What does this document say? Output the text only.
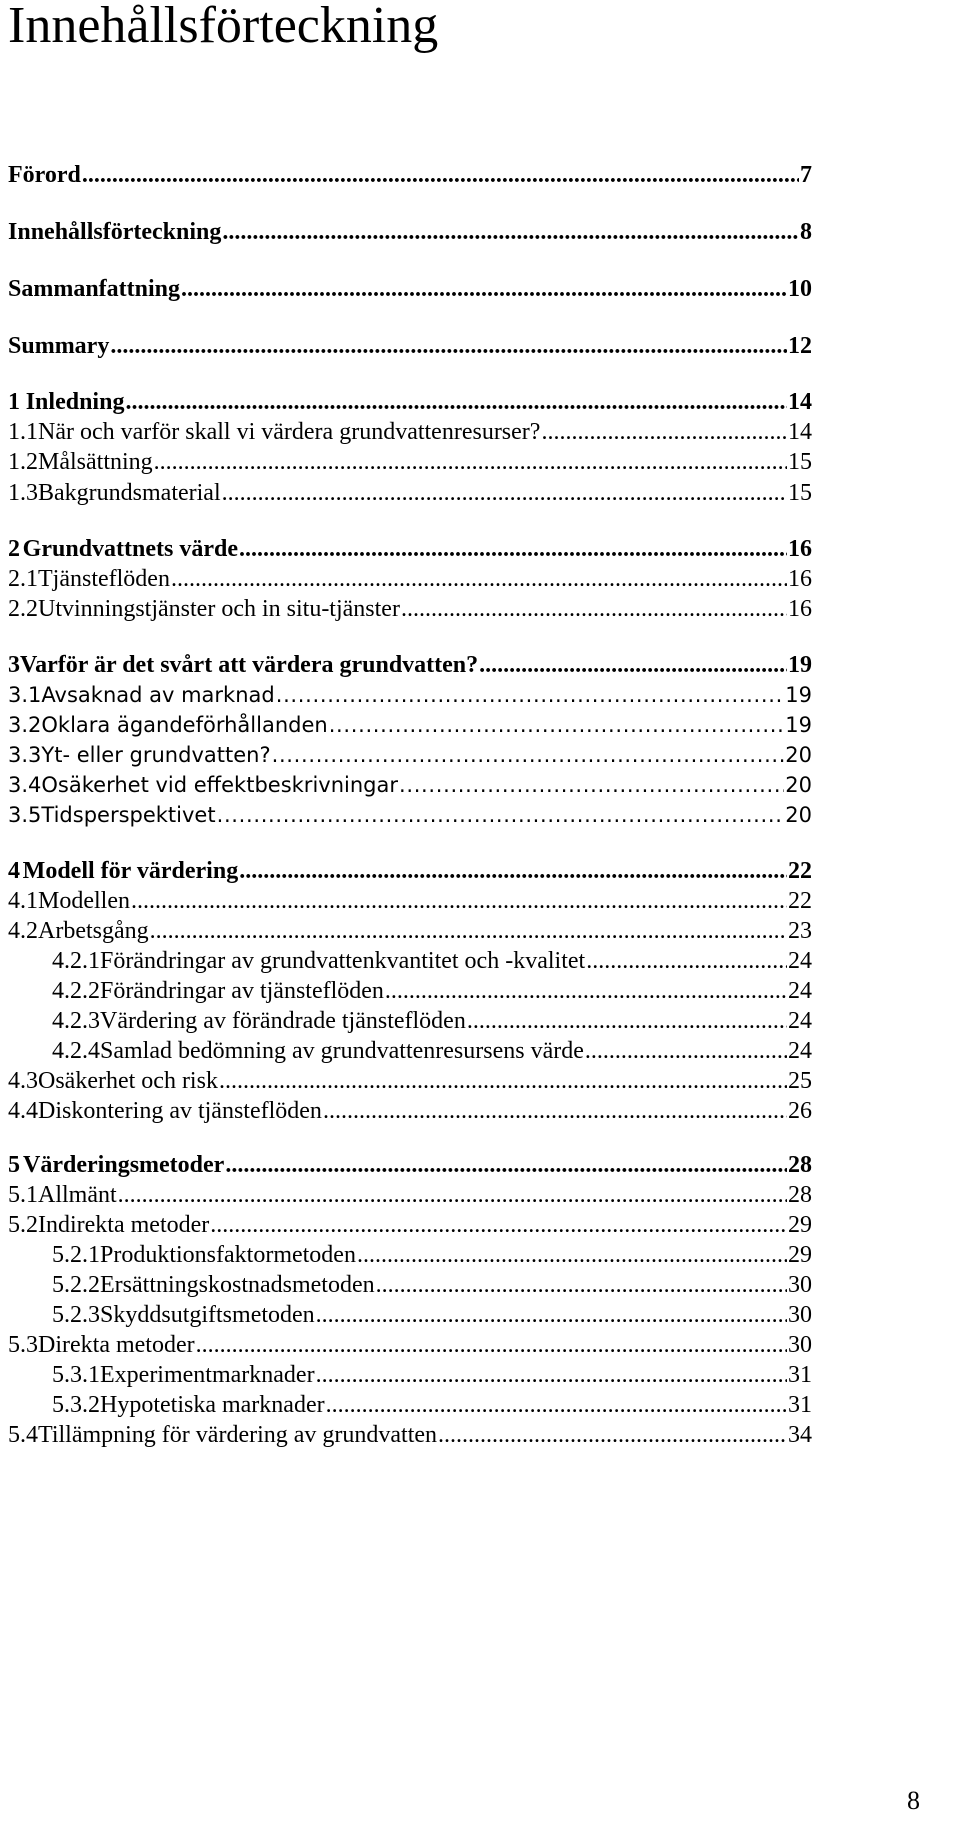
Innehållsförteckning
Förord . . .	7
Innehållsförteckning . . .	8
Sammanfattning . . .	10
Summary . . .	12
1 Inledning . . .	14
1.1 När och varför skall vi värdera grundvattenresurser? . . .	14
1.2 Målsättning . . .	15
1.3 Bakgrundsmaterial . . .	15
2 Grundvattnets värde . . .	16
2.1 Tjänsteflöden . . .	16
2.2 Utvinningstjänster och in situ-tjänster . . .	16
3 Varför är det svårt att värdera grundvatten? . . .	19
3.1 Avsaknad av marknad . . .	19
3.2 Oklara ägandeförhållanden . . .	19
3.3 Yt- eller grundvatten? . . .	20
3.4 Osäkerhet vid effektbeskrivningar . . .	20
3.5 Tidsperspektivet . . .	20
4 Modell för värdering . . .	22
4.1 Modellen . . .	22
4.2 Arbetsgång . . .	23
4.2.1 Förändringar av grundvattenkvantitet och -kvalitet . . .	24
4.2.2 Förändringar av tjänsteflöden . . .	24
4.2.3 Värdering av förändrade tjänsteflöden . . .	24
4.2.4 Samlad bedömning av grundvattenresursens värde . . .	24
4.3 Osäkerhet och risk . . .	25
4.4 Diskontering av tjänsteflöden . . .	26
5 Värderingsmetoder . . .	28
5.1 Allmänt . . .	28
5.2 Indirekta metoder . . .	29
5.2.1 Produktionsfaktormetoden . . .	29
5.2.2 Ersättningskostnadsmetoden . . .	30
5.2.3 Skyddsutgiftsmetoden . . .	30
5.3 Direkta metoder . . .	30
5.3.1 Experimentmarknader . . .	31
5.3.2 Hypotetiska marknader . . .	31
5.4 Tillämpning för värdering av grundvatten . . .	34
8
